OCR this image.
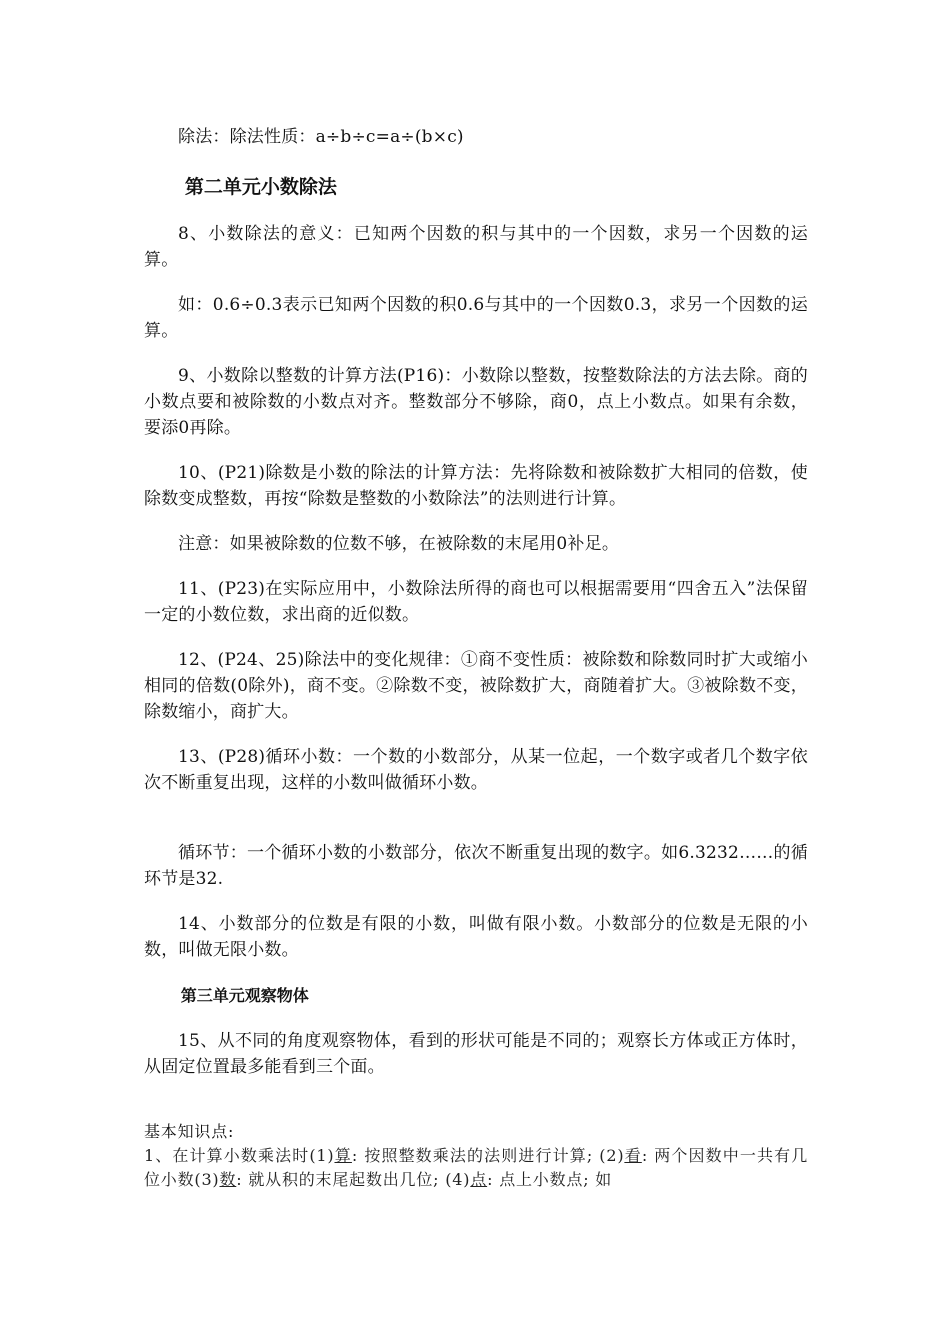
除法：除法性质：a÷b÷c=a÷(b×c)

第二单元小数除法

8、小数除法的意义：已知两个因数的积与其中的一个因数，求另一个因数的运算。

如：0.6÷0.3表示已知两个因数的积0.6与其中的一个因数0.3，求另一个因数的运算。

9、小数除以整数的计算方法(P16)：小数除以整数，按整数除法的方法去除。商的小数点要和被除数的小数点对齐。整数部分不够除，商0，点上小数点。如果有余数，要添0再除。

10、(P21)除数是小数的除法的计算方法：先将除数和被除数扩大相同的倍数，使除数变成整数，再按“除数是整数的小数除法”的法则进行计算。

注意：如果被除数的位数不够，在被除数的末尾用0补足。

11、(P23)在实际应用中，小数除法所得的商也可以根据需要用“四舍五入”法保留一定的小数位数，求出商的近似数。

12、(P24、25)除法中的变化规律：①商不变性质：被除数和除数同时扩大或缩小相同的倍数(0除外)，商不变。②除数不变，被除数扩大，商随着扩大。③被除数不变，除数缩小，商扩大。

13、(P28)循环小数：一个数的小数部分，从某一位起，一个数字或者几个数字依次不断重复出现，这样的小数叫做循环小数。

循环节：一个循环小数的小数部分，依次不断重复出现的数字。如6.3232……的循环节是32.

14、小数部分的位数是有限的小数，叫做有限小数。小数部分的位数是无限的小数，叫做无限小数。

第三单元观察物体

15、从不同的角度观察物体，看到的形状可能是不同的；观察长方体或正方体时，从固定位置最多能看到三个面。

基本知识点:

1、在计算小数乘法时(1)算: 按照整数乘法的法则进行计算; (2)看: 两个因数中一共有几位小数(3)数: 就从积的末尾起数出几位; (4)点: 点上小数点; 如
